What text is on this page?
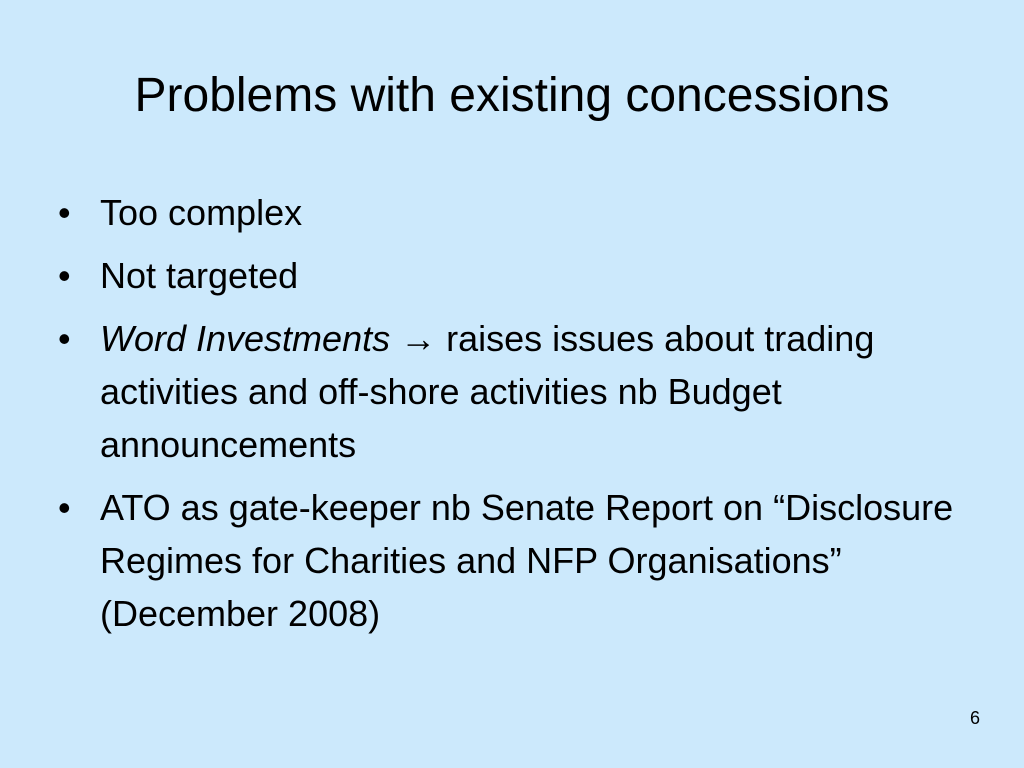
Problems with existing concessions
• Too complex
• Not targeted
• Word Investments → raises issues about trading activities and off-shore activities nb Budget announcements
• ATO as gate-keeper nb Senate Report on “Disclosure Regimes for Charities and NFP Organisations” (December 2008)
6
